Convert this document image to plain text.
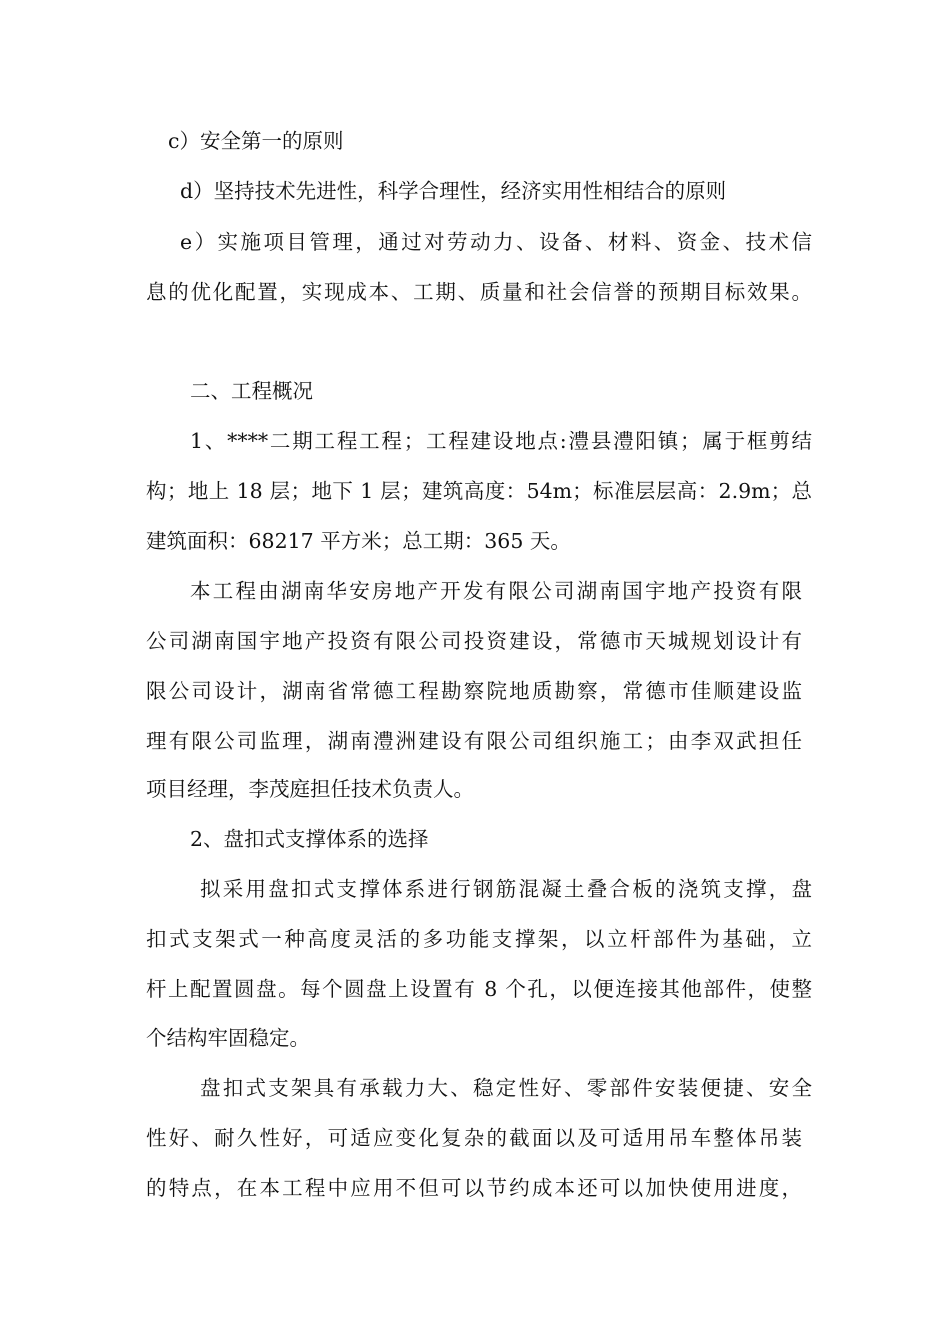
c）安全第一的原则
d）坚持技术先进性，科学合理性，经济实用性相结合的原则
e）实施项目管理，通过对劳动力、设备、材料、资金、技术信
息的优化配置，实现成本、工期、质量和社会信誉的预期目标效果。
二、工程概况
1、****二期工程工程；工程建设地点:澧县澧阳镇；属于框剪结
构；地上 18 层；地下 1 层；建筑高度：54m；标准层层高：2.9m；总
建筑面积：68217 平方米；总工期：365 天。
本工程由湖南华安房地产开发有限公司湖南国宇地产投资有限
公司湖南国宇地产投资有限公司投资建设，常德市天城规划设计有
限公司设计，湖南省常德工程勘察院地质勘察，常德市佳顺建设监
理有限公司监理，湖南澧洲建设有限公司组织施工；由李双武担任
项目经理，李茂庭担任技术负责人。
2、盘扣式支撑体系的选择
拟采用盘扣式支撑体系进行钢筋混凝土叠合板的浇筑支撑，盘
扣式支架式一种高度灵活的多功能支撑架，以立杆部件为基础，立
杆上配置圆盘。每个圆盘上设置有 8 个孔，以便连接其他部件，使整
个结构牢固稳定。
盘扣式支架具有承载力大、稳定性好、零部件安装便捷、安全
性好、耐久性好，可适应变化复杂的截面以及可适用吊车整体吊装
的特点，在本工程中应用不但可以节约成本还可以加快使用进度，
